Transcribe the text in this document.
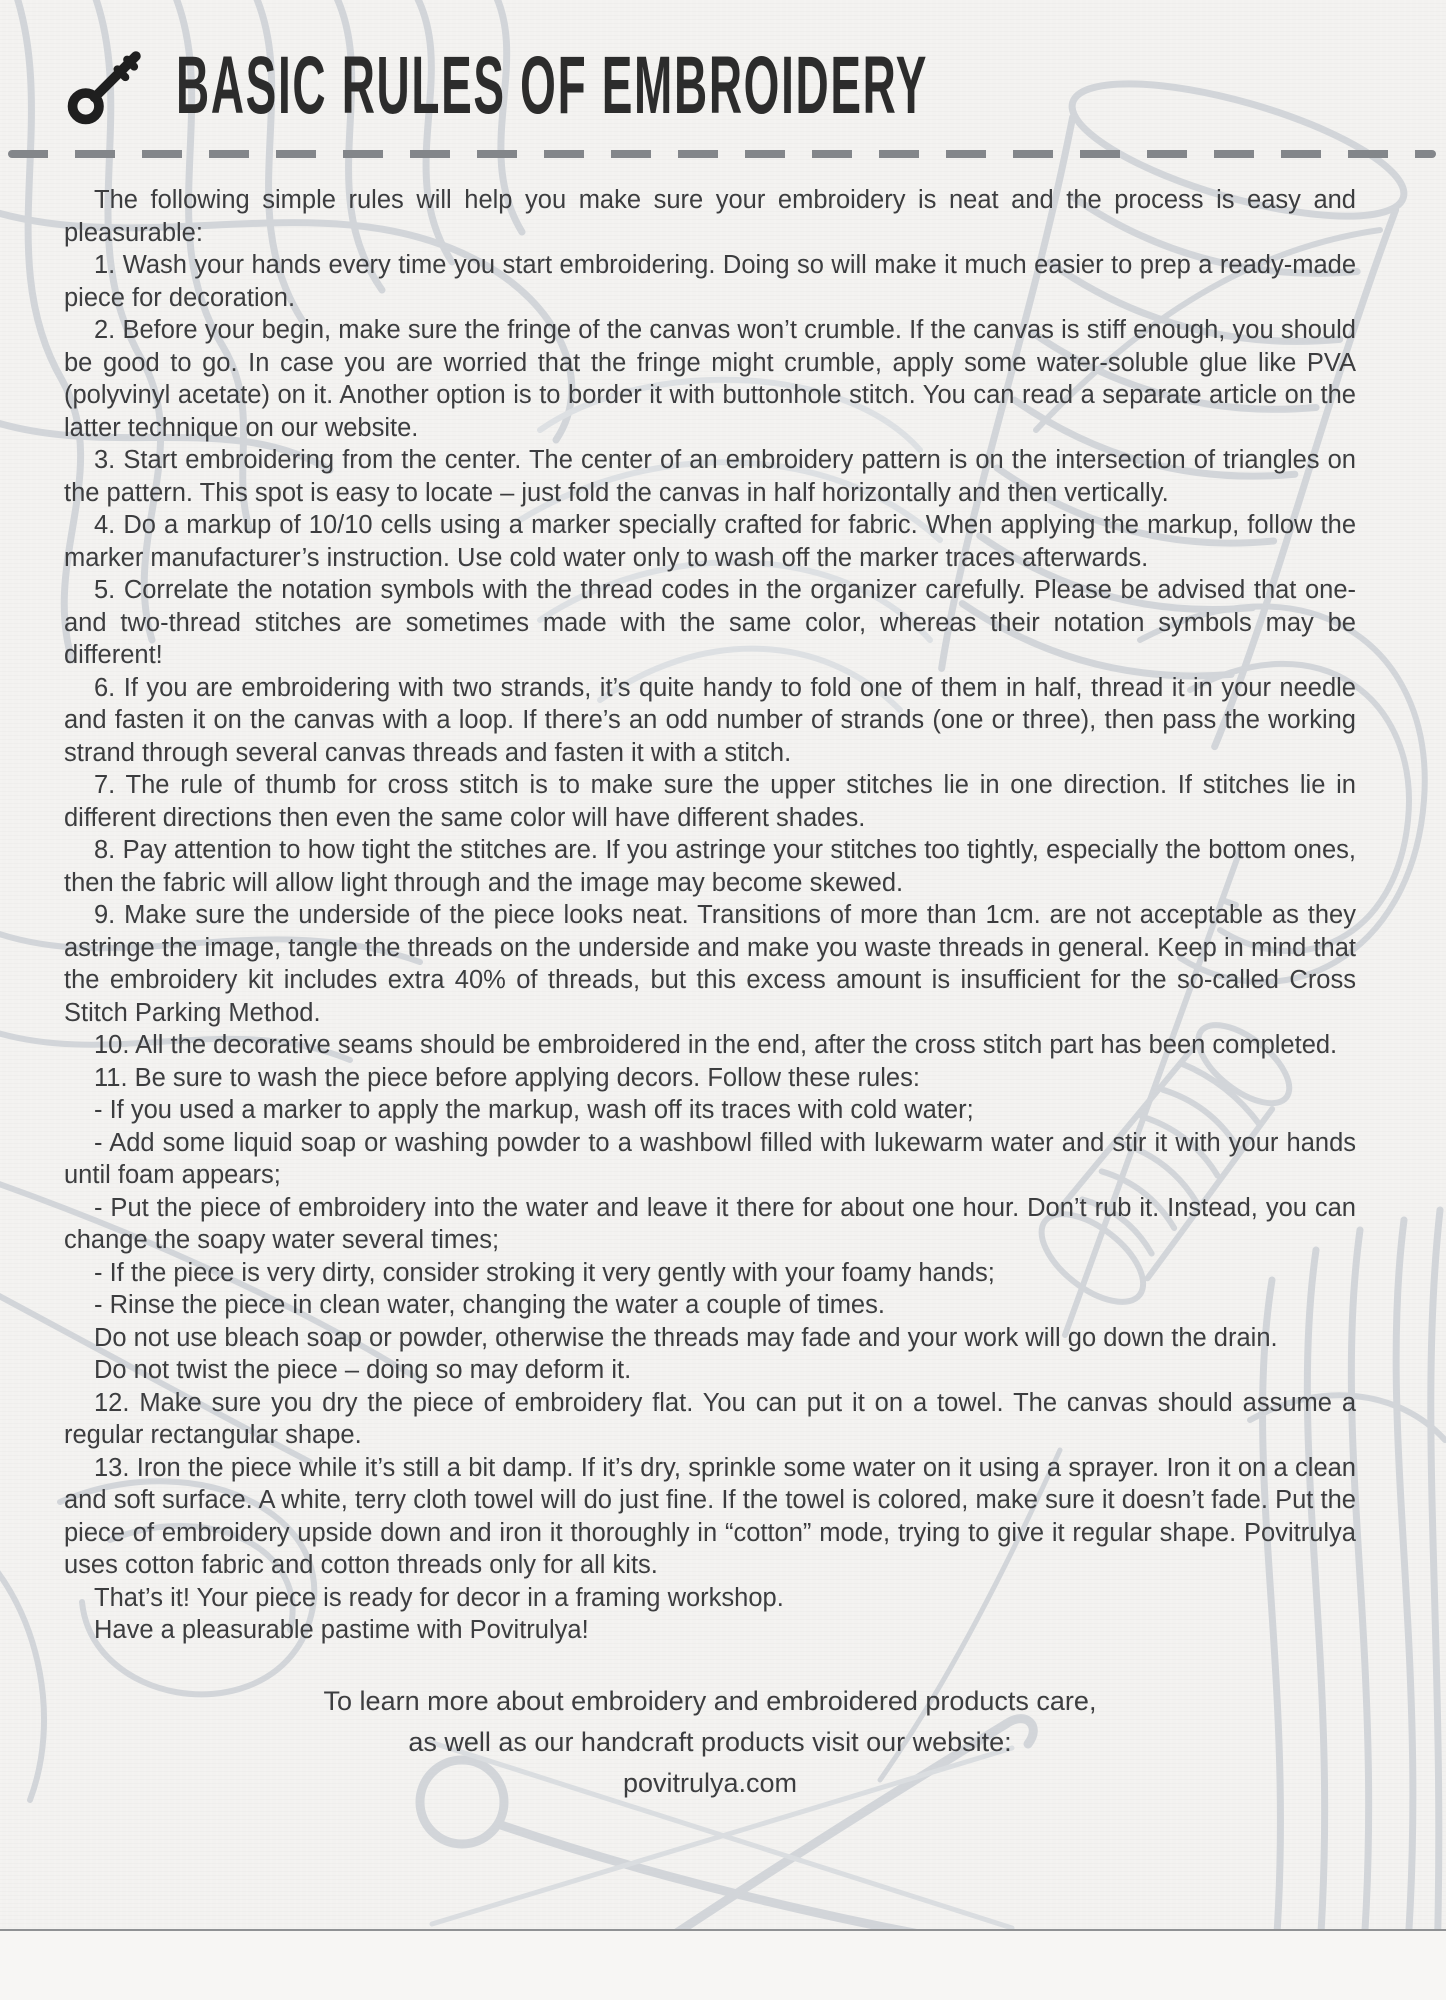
BASIC RULES OF EMBROIDERY

The following simple rules will help you make sure your embroidery is neat and the process is easy and pleasurable:

1. Wash your hands every time you start embroidering. Doing so will make it much easier to prep a ready-made piece for decoration.

2. Before your begin, make sure the fringe of the canvas won’t crumble. If the canvas is stiff enough, you should be good to go. In case you are worried that the fringe might crumble, apply some water-soluble glue like PVA (polyvinyl acetate) on it. Another option is to border it with buttonhole stitch. You can read a separate article on the latter technique on our website.

3. Start embroidering from the center. The center of an embroidery pattern is on the intersection of triangles on the pattern. This spot is easy to locate – just fold the canvas in half horizontally and then vertically.

4. Do a markup of 10/10 cells using a marker specially crafted for fabric. When applying the markup, follow the marker manufacturer’s instruction. Use cold water only to wash off the marker traces afterwards.

5. Correlate the notation symbols with the thread codes in the organizer carefully. Please be advised that one- and two-thread stitches are sometimes made with the same color, whereas their notation symbols may be different!

6. If you are embroidering with two strands, it’s quite handy to fold one of them in half, thread it in your needle and fasten it on the canvas with a loop. If there’s an odd number of strands (one or three), then pass the working strand through several canvas threads and fasten it with a stitch.

7. The rule of thumb for cross stitch is to make sure the upper stitches lie in one direction. If stitches lie in different directions then even the same color will have different shades.

8. Pay attention to how tight the stitches are. If you astringe your stitches too tightly, especially the bottom ones, then the fabric will allow light through and the image may become skewed.

9. Make sure the underside of the piece looks neat. Transitions of more than 1cm. are not acceptable as they astringe the image, tangle the threads on the underside and make you waste threads in general. Keep in mind that the embroidery kit includes extra 40% of threads, but this excess amount is insufficient for the so-called Cross Stitch Parking Method.

10. All the decorative seams should be embroidered in the end, after the cross stitch part has been completed.

11. Be sure to wash the piece before applying decors. Follow these rules:

- If you used a marker to apply the markup, wash off its traces with cold water;

- Add some liquid soap or washing powder to a washbowl filled with lukewarm water and stir it with your hands until foam appears;

- Put the piece of embroidery into the water and leave it there for about one hour. Don’t rub it. Instead, you can change the soapy water several times;

- If the piece is very dirty, consider stroking it very gently with your foamy hands;

- Rinse the piece in clean water, changing the water a couple of times.

Do not use bleach soap or powder, otherwise the threads may fade and your work will go down the drain.

Do not twist the piece – doing so may deform it.

12. Make sure you dry the piece of embroidery flat. You can put it on a towel. The canvas should assume a regular rectangular shape.

13. Iron the piece while it’s still a bit damp. If it’s dry, sprinkle some water on it using a sprayer. Iron it on a clean and soft surface. A white, terry cloth towel will do just fine. If the towel is colored, make sure it doesn’t fade. Put the piece of embroidery upside down and iron it thoroughly in “cotton” mode, trying to give it regular shape. Povitrulya uses cotton fabric and cotton threads only for all kits.

That’s it! Your piece is ready for decor in a framing workshop.

Have a pleasurable pastime with Povitrulya!

To learn more about embroidery and embroidered products care,

as well as our handcraft products visit our website:

povitrulya.com
